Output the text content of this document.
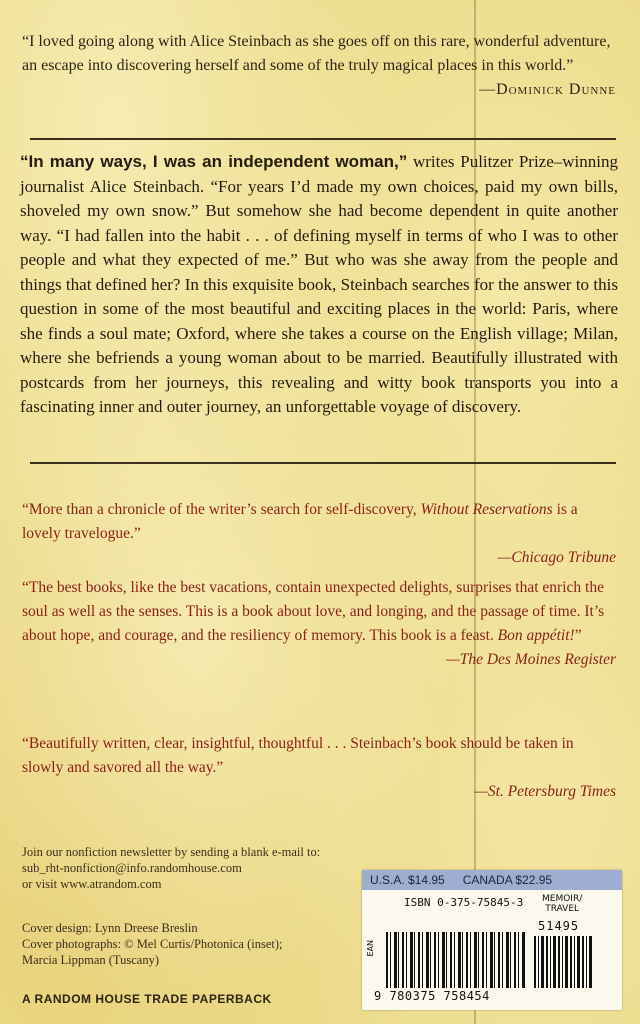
“I loved going along with Alice Steinbach as she goes off on this rare, wonderful adventure, an escape into discovering herself and some of the truly magical places in this world.”
—Dominick Dunne
“In many ways, I was an independent woman,” writes Pulitzer Prize–winning journalist Alice Steinbach. “For years I’d made my own choices, paid my own bills, shoveled my own snow.” But somehow she had become dependent in quite another way. “I had fallen into the habit . . . of defining myself in terms of who I was to other people and what they expected of me.” But who was she away from the people and things that defined her? In this exquisite book, Steinbach searches for the answer to this question in some of the most beautiful and exciting places in the world: Paris, where she finds a soul mate; Oxford, where she takes a course on the English village; Milan, where she befriends a young woman about to be married. Beautifully illustrated with postcards from her journeys, this revealing and witty book transports you into a fascinating inner and outer journey, an unforgettable voyage of discovery.
“More than a chronicle of the writer’s search for self-discovery, Without Reservations is a lovely travelogue.”
—Chicago Tribune
“The best books, like the best vacations, contain unexpected delights, surprises that enrich the soul as well as the senses. This is a book about love, and longing, and the passage of time. It’s about hope, and courage, and the resiliency of memory. This book is a feast. Bon appétit!”
—The Des Moines Register
“Beautifully written, clear, insightful, thoughtful . . . Steinbach’s book should be taken in slowly and savored all the way.”
—St. Petersburg Times
Join our nonfiction newsletter by sending a blank e-mail to:
sub_rht-nonfiction@info.randomhouse.com
or visit www.atrandom.com
Cover design: Lynn Dreese Breslin
Cover photographs: © Mel Curtis/Photonica (inset);
Marcia Lippman (Tuscany)
A RANDOM HOUSE TRADE PAPERBACK
U.S.A. $14.95 CANADA $22.95
ISBN 0-375-75845-3 MEMOIR/
TRAVEL
51495
EAN
9 780375 758454
